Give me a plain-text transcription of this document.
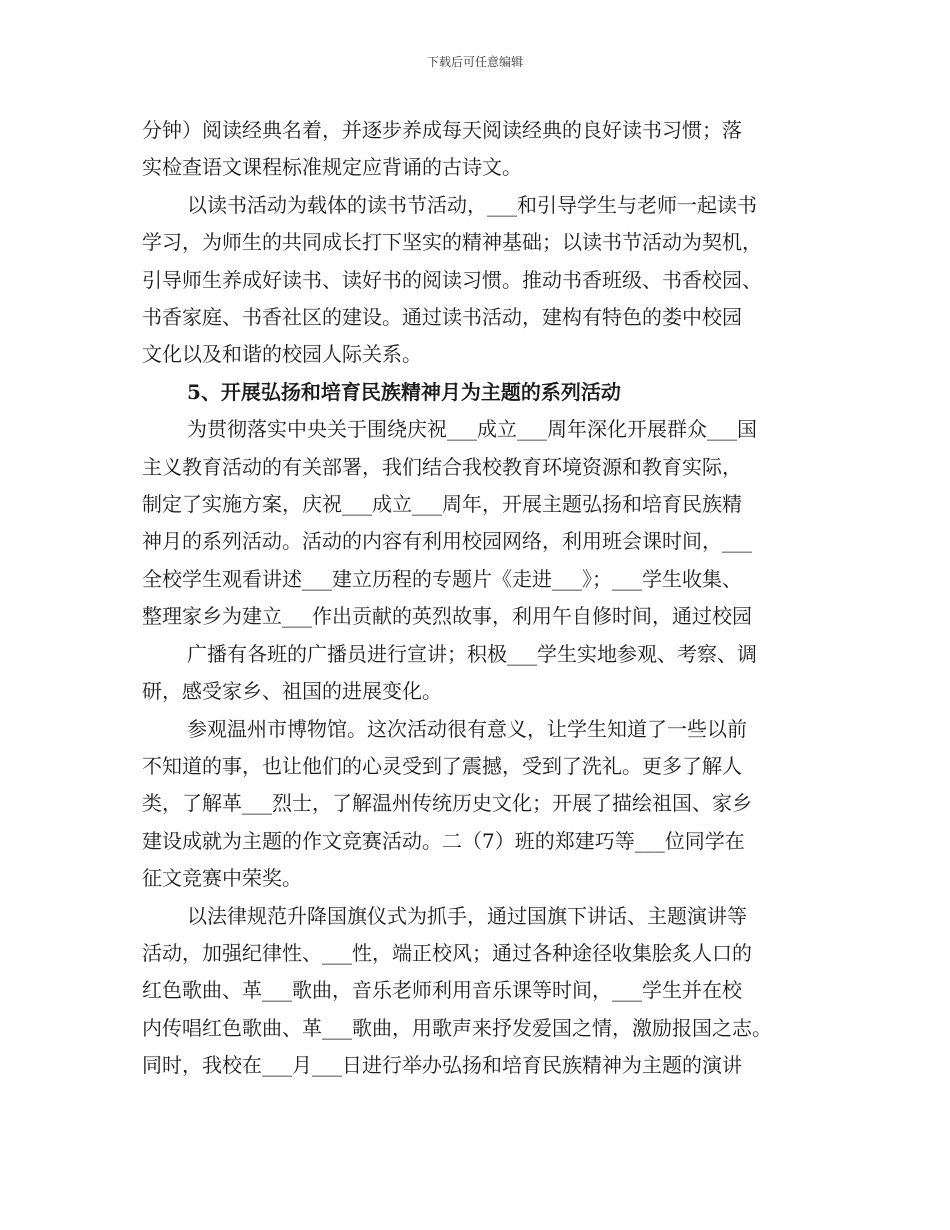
下载后可任意编辑
分钟）阅读经典名着，并逐步养成每天阅读经典的良好读书习惯；落
实检查语文课程标准规定应背诵的古诗文。
以读书活动为载体的读书节活动，___和引导学生与老师一起读书
学习，为师生的共同成长打下坚实的精神基础；以读书节活动为契机，
引导师生养成好读书、读好书的阅读习惯。推动书香班级、书香校园、
书香家庭、书香社区的建设。通过读书活动，建构有特色的娄中校园
文化以及和谐的校园人际关系。
5、开展弘扬和培育民族精神月为主题的系列活动
为贯彻落实中央关于围绕庆祝___成立___周年深化开展群众___国
主义教育活动的有关部署，我们结合我校教育环境资源和教育实际，
制定了实施方案，庆祝___成立___周年，开展主题弘扬和培育民族精
神月的系列活动。活动的内容有利用校园网络，利用班会课时间，___
全校学生观看讲述___建立历程的专题片《走进___》；___学生收集、
整理家乡为建立___作出贡献的英烈故事，利用午自修时间，通过校园
广播有各班的广播员进行宣讲；积极___学生实地参观、考察、调
研，感受家乡、祖国的进展变化。
参观温州市博物馆。这次活动很有意义，让学生知道了一些以前
不知道的事，也让他们的心灵受到了震撼，受到了洗礼。更多了解人
类，了解革___烈士，了解温州传统历史文化；开展了描绘祖国、家乡
建设成就为主题的作文竞赛活动。二（7）班的郑建巧等___位同学在
征文竞赛中荣奖。
以法律规范升降国旗仪式为抓手，通过国旗下讲话、主题演讲等
活动，加强纪律性、___性，端正校风；通过各种途径收集脍炙人口的
红色歌曲、革___歌曲，音乐老师利用音乐课等时间，___学生并在校
内传唱红色歌曲、革___歌曲，用歌声来抒发爱国之情，激励报国之志。
同时，我校在___月___日进行举办弘扬和培育民族精神为主题的演讲
